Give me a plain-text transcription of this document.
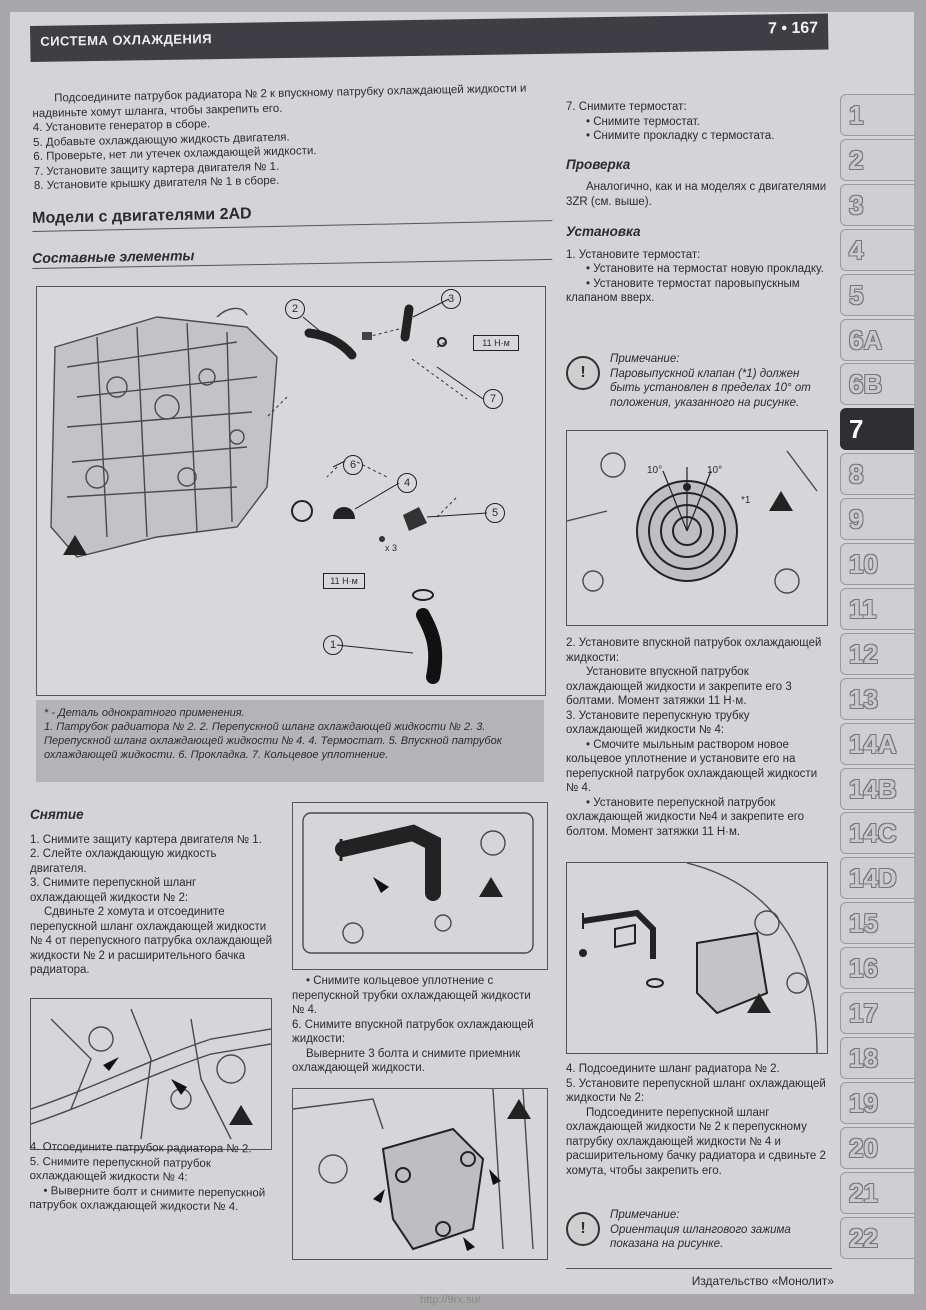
СИСТЕМА ОХЛАЖДЕНИЯ
7 • 167

Подсоедините патрубок радиатора № 2 к впускному патрубку охлаждающей жидкости и надвиньте хомут шланга, чтобы закрепить его.

4. Установите генератор в сборе.

5. Добавьте охлаждающую жидкость двигателя.

6. Проверьте, нет ли утечек охлаждающей жидкости.

7. Установите защиту картера двигателя № 1.

8. Установите крышку двигателя № 1 в сборе.

Модели с двигателями 2AD
Составные элементы
2
3
11 Н·м
7
6
4
5
x 3
11 Н·м
1

* - Деталь однократного применения.

1. Патрубок радиатора № 2. 2. Перепускной шланг охлаждающей жидкости № 2. 3. Перепускной шланг охлаждающей жидкости № 4. 4. Термостат. 5. Впускной патрубок охлаждающей жидкости. 6. Прокладка. 7. Кольцевое уплотнение.

Снятие

1. Снимите защиту картера двигателя № 1.

2. Слейте охлаждающую жидкость двигателя.

3. Снимите перепускной шланг охлаждающей жидкости № 2:

Сдвиньте 2 хомута и отсоедините перепускной шланг охлаждающей жидкости № 4 от перепускного патрубка охлаждающей жидкости № 2 и расширительного бачка радиатора.

4. Отсоедините патрубок радиатора № 2.

5. Снимите перепускной патрубок охлаждающей жидкости № 4:

• Выверните болт и снимите перепускной патрубок охлаждающей жидкости № 4.

• Снимите кольцевое уплотнение с перепускной трубки охлаждающей жидкости № 4.

6. Снимите впускной патрубок охлаждающей жидкости:

Выверните 3 болта и снимите приемник охлаждающей жидкости.

7. Снимите термостат:

• Снимите термостат.

• Снимите прокладку с термостата.

Проверка

Аналогично, как и на моделях с двигателями 3ZR (см. выше).

Установка

1. Установите термостат:

• Установите на термостат новую прокладку.

• Установите термостат паровыпускным клапаном вверх.

!
Примечание:
Паровыпускной клапан (*1) должен быть установлен в пределах 10° от положения, указанного на рисунке.
10°	10°
*1

2. Установите впускной патрубок охлаждающей жидкости:

Установите впускной патрубок охлаждающей жидкости и закрепите его 3 болтами. Момент затяжки 11 Н·м.

3. Установите перепускную трубку охлаждающей жидкости № 4:

• Смочите мыльным раствором новое кольцевое уплотнение и установите его на перепускной патрубок охлаждающей жидкости № 4.

• Установите перепускной патрубок охлаждающей жидкости №4 и закрепите его болтом. Момент затяжки 11 Н·м.

4. Подсоедините шланг радиатора № 2.

5. Установите перепускной шланг охлаждающей жидкости № 2:

Подсоедините перепускной шланг охлаждающей жидкости № 2 к перепускному патрубку охлаждающей жидкости № 4 и расширительному бачку радиатора и сдвиньте 2 хомута, чтобы закрепить его.

!
Примечание:
Ориентация шлангового зажима показана на рисунке.
Издательство «Монолит»
1
2
3
4
5
6A
6B
7
8
9
10
11
12
13
14A
14B
14C
14D
15
16
17
18
19
20
21
22
http://9rx.su/
